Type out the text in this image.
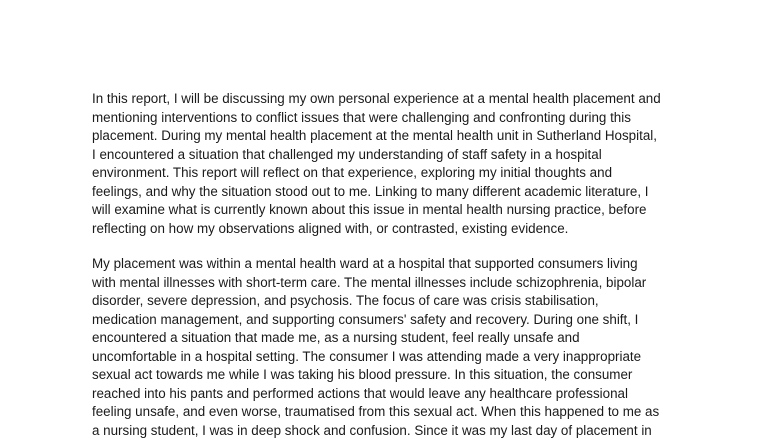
In this report, I will be discussing my own personal experience at a mental health placement and
mentioning interventions to conflict issues that were challenging and confronting during this
placement. During my mental health placement at the mental health unit in Sutherland Hospital,
I encountered a situation that challenged my understanding of staff safety in a hospital
environment. This report will reflect on that experience, exploring my initial thoughts and
feelings, and why the situation stood out to me. Linking to many different academic literature, I
will examine what is currently known about this issue in mental health nursing practice, before
reflecting on how my observations aligned with, or contrasted, existing evidence.

My placement was within a mental health ward at a hospital that supported consumers living
with mental illnesses with short-term care. The mental illnesses include schizophrenia, bipolar
disorder, severe depression, and psychosis. The focus of care was crisis stabilisation,
medication management, and supporting consumers' safety and recovery. During one shift, I
encountered a situation that made me, as a nursing student, feel really unsafe and
uncomfortable in a hospital setting. The consumer I was attending made a very inappropriate
sexual act towards me while I was taking his blood pressure. In this situation, the consumer
reached into his pants and performed actions that would leave any healthcare professional
feeling unsafe, and even worse, traumatised from this sexual act. When this happened to me as
a nursing student, I was in deep shock and confusion. Since it was my last day of placement in
